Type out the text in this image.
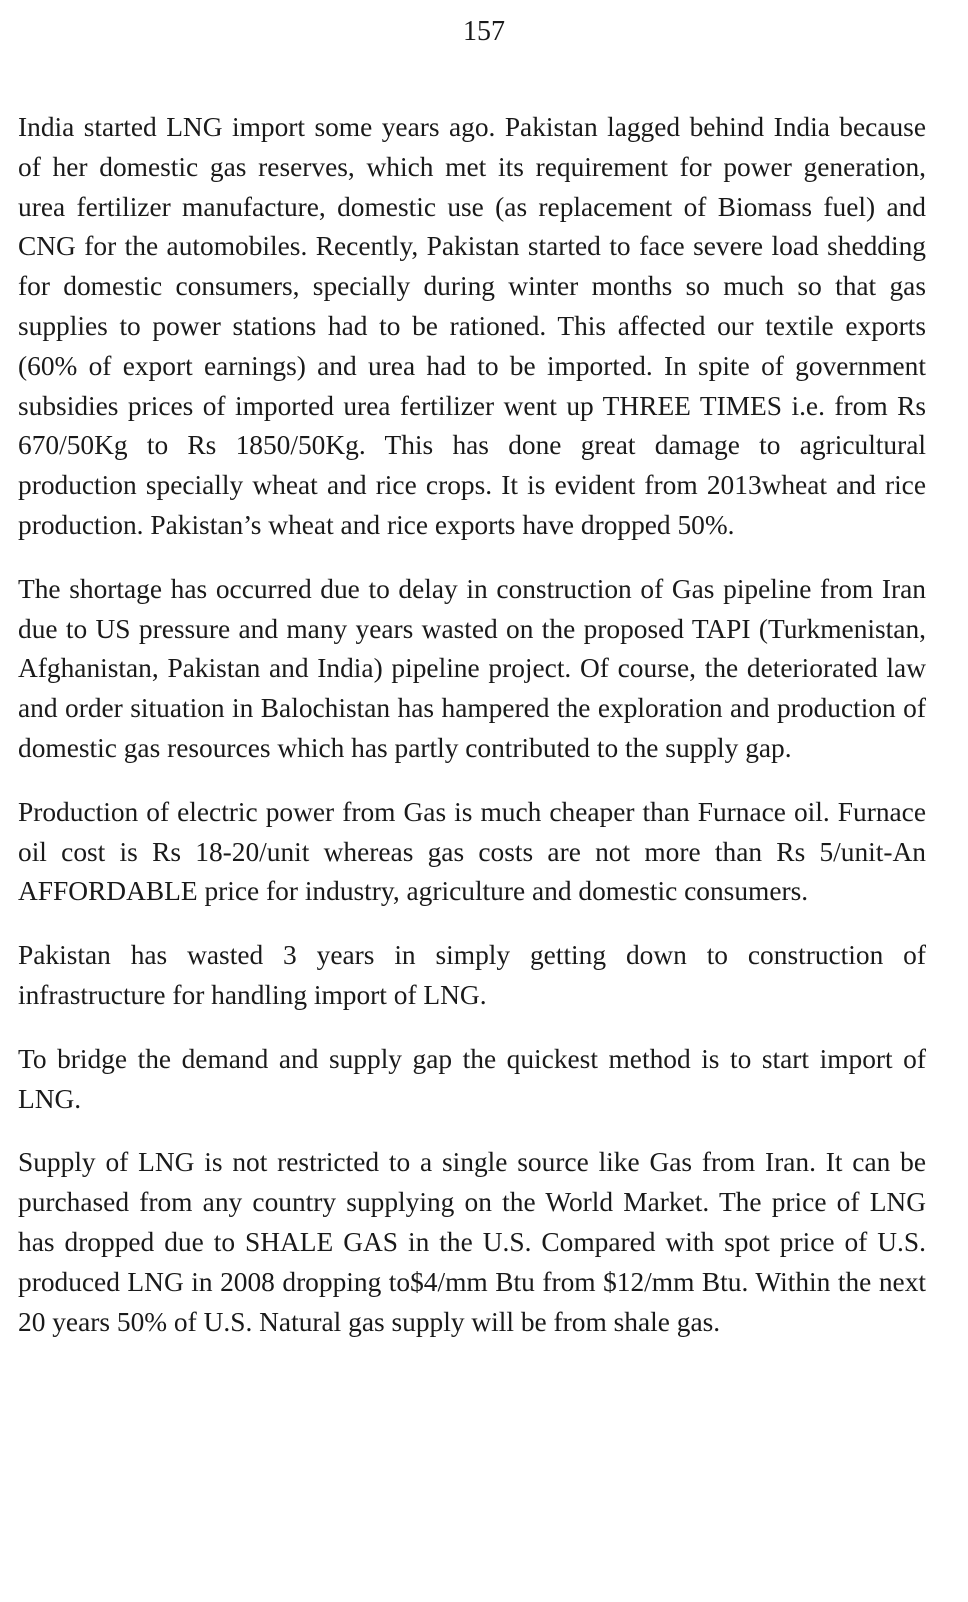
157

India started LNG import some years ago. Pakistan lagged behind India because of her domestic gas reserves, which met its requirement for power generation, urea fertilizer manufacture, domestic use (as replacement of Biomass fuel) and CNG for the automobiles. Recently, Pakistan started to face severe load shedding for domestic consumers, specially during winter months so much so that gas supplies to power stations had to be rationed. This affected our textile exports (60% of export earnings) and urea had to be imported. In spite of government subsidies prices of imported urea fertilizer went up THREE TIMES i.e. from Rs 670/50Kg to Rs 1850/50Kg. This has done great damage to agricultural production specially wheat and rice crops. It is evident from 2013wheat and rice production. Pakistan’s wheat and rice exports have dropped 50%.

The shortage has occurred due to delay in construction of Gas pipeline from Iran due to US pressure and many years wasted on the proposed TAPI (Turkmenistan, Afghanistan, Pakistan and India) pipeline project. Of course, the deteriorated law and order situation in Balochistan has hampered the exploration and production of domestic gas resources which has partly contributed to the supply gap.

Production of electric power from Gas is much cheaper than Furnace oil. Furnace oil cost is Rs 18-20/unit whereas gas costs are not more than Rs 5/unit-An AFFORDABLE price for industry, agriculture and domestic consumers.

Pakistan has wasted 3 years in simply getting down to construction of infrastructure for handling import of LNG.

To bridge the demand and supply gap the quickest method is to start import of LNG.

Supply of LNG is not restricted to a single source like Gas from Iran. It can be purchased from any country supplying on the World Market. The price of LNG has dropped due to SHALE GAS in the U.S. Compared with spot price of U.S. produced LNG in 2008 dropping to$4/mm Btu from $12/mm Btu. Within the next 20 years 50% of U.S. Natural gas supply will be from shale gas.
